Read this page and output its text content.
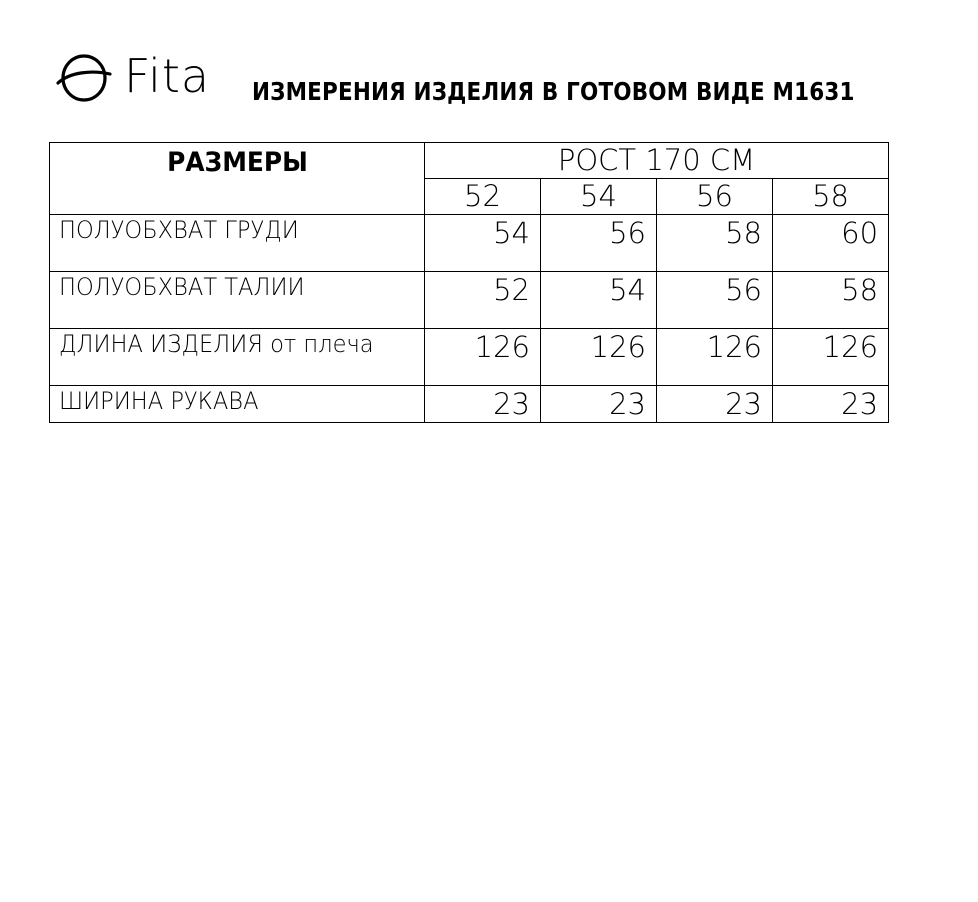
Fita ИЗМЕРЕНИЯ ИЗДЕЛИЯ В ГОТОВОМ ВИДЕ М1631
РАЗМЕРЫ	РОСТ 170 СМ			
	52	54	56	58
ПОЛУОБХВАТ ГРУДИ	54	56	58	60
ПОЛУОБХВАТ ТАЛИИ	52	54	56	58
ДЛИНА ИЗДЕЛИЯ от плеча	126	126	126	126
ШИРИНА РУКАВА	23	23	23	23
